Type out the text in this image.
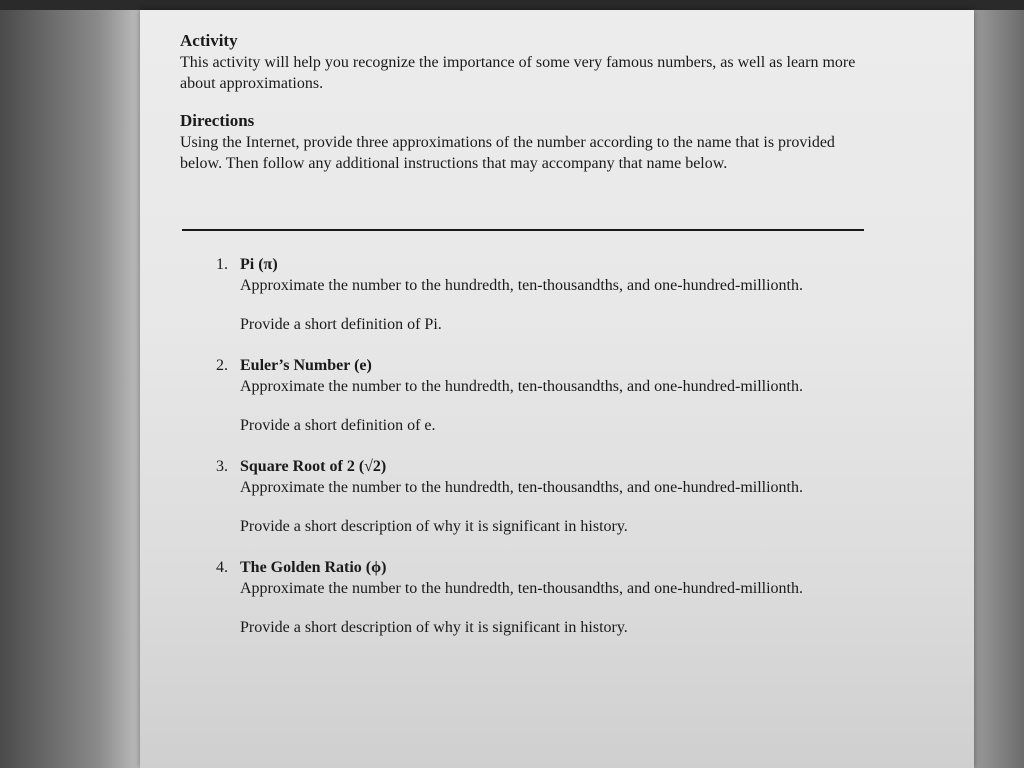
Activity

This activity will help you recognize the importance of some very famous numbers, as well as learn more about approximations.

Directions

Using the Internet, provide three approximations of the number according to the name that is provided below. Then follow any additional instructions that may accompany that name below.

1. Pi (π)
Approximate the number to the hundredth, ten-thousandths, and one-hundred-millionth.
Provide a short definition of Pi.
2. Euler’s Number (e)
Approximate the number to the hundredth, ten-thousandths, and one-hundred-millionth.
Provide a short definition of e.
3. Square Root of 2 (√2)
Approximate the number to the hundredth, ten-thousandths, and one-hundred-millionth.
Provide a short description of why it is significant in history.
4. The Golden Ratio (ϕ)
Approximate the number to the hundredth, ten-thousandths, and one-hundred-millionth.
Provide a short description of why it is significant in history.
